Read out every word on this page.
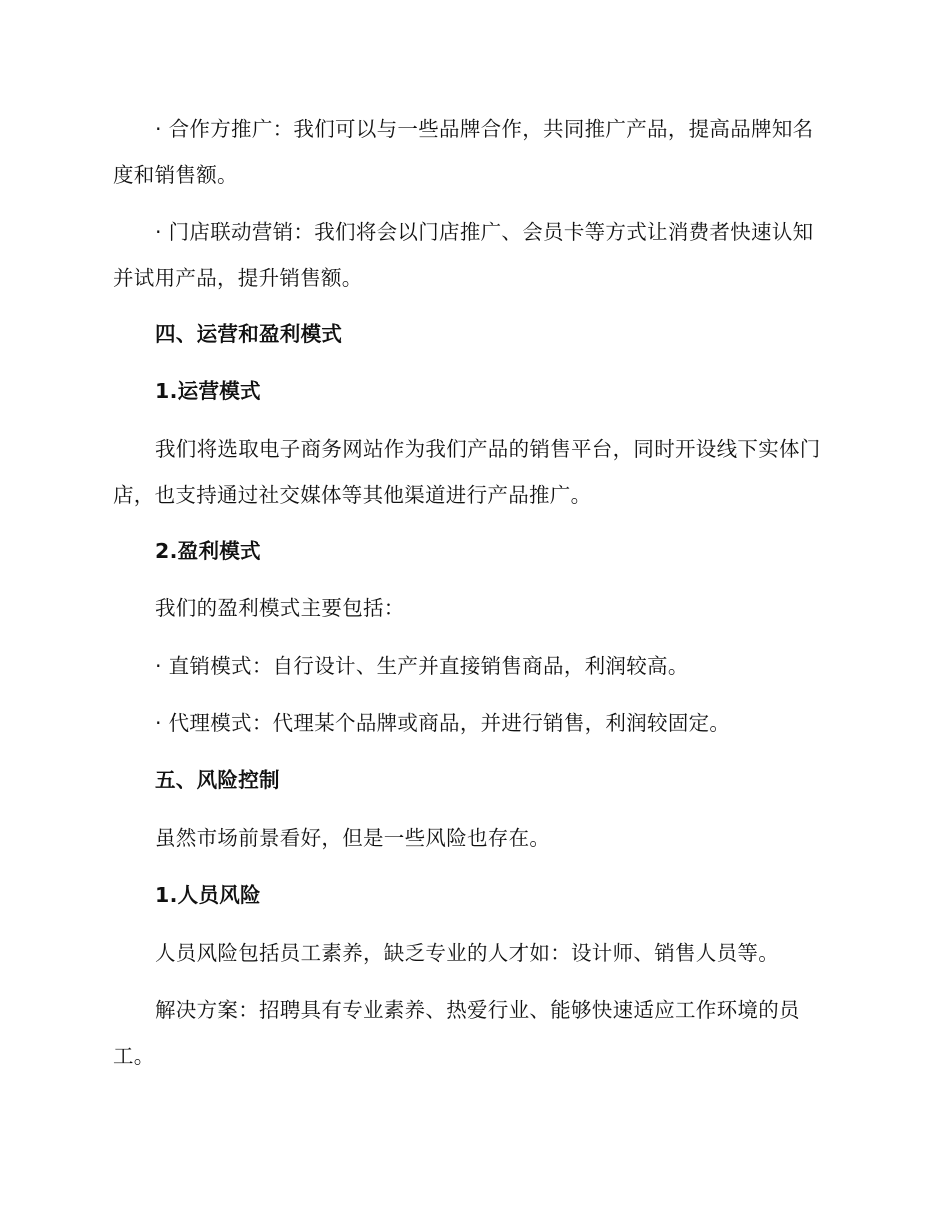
· 合作方推广：我们可以与一些品牌合作，共同推广产品，提高品牌知名度和销售额。

· 门店联动营销：我们将会以门店推广、会员卡等方式让消费者快速认知并试用产品，提升销售额。

四、运营和盈利模式

1.运营模式

我们将选取电子商务网站作为我们产品的销售平台，同时开设线下实体门店，也支持通过社交媒体等其他渠道进行产品推广。

2.盈利模式

我们的盈利模式主要包括：

· 直销模式：自行设计、生产并直接销售商品，利润较高。

· 代理模式：代理某个品牌或商品，并进行销售，利润较固定。

五、风险控制

虽然市场前景看好，但是一些风险也存在。

1.人员风险

人员风险包括员工素养，缺乏专业的人才如：设计师、销售人员等。

解决方案：招聘具有专业素养、热爱行业、能够快速适应工作环境的员工。
